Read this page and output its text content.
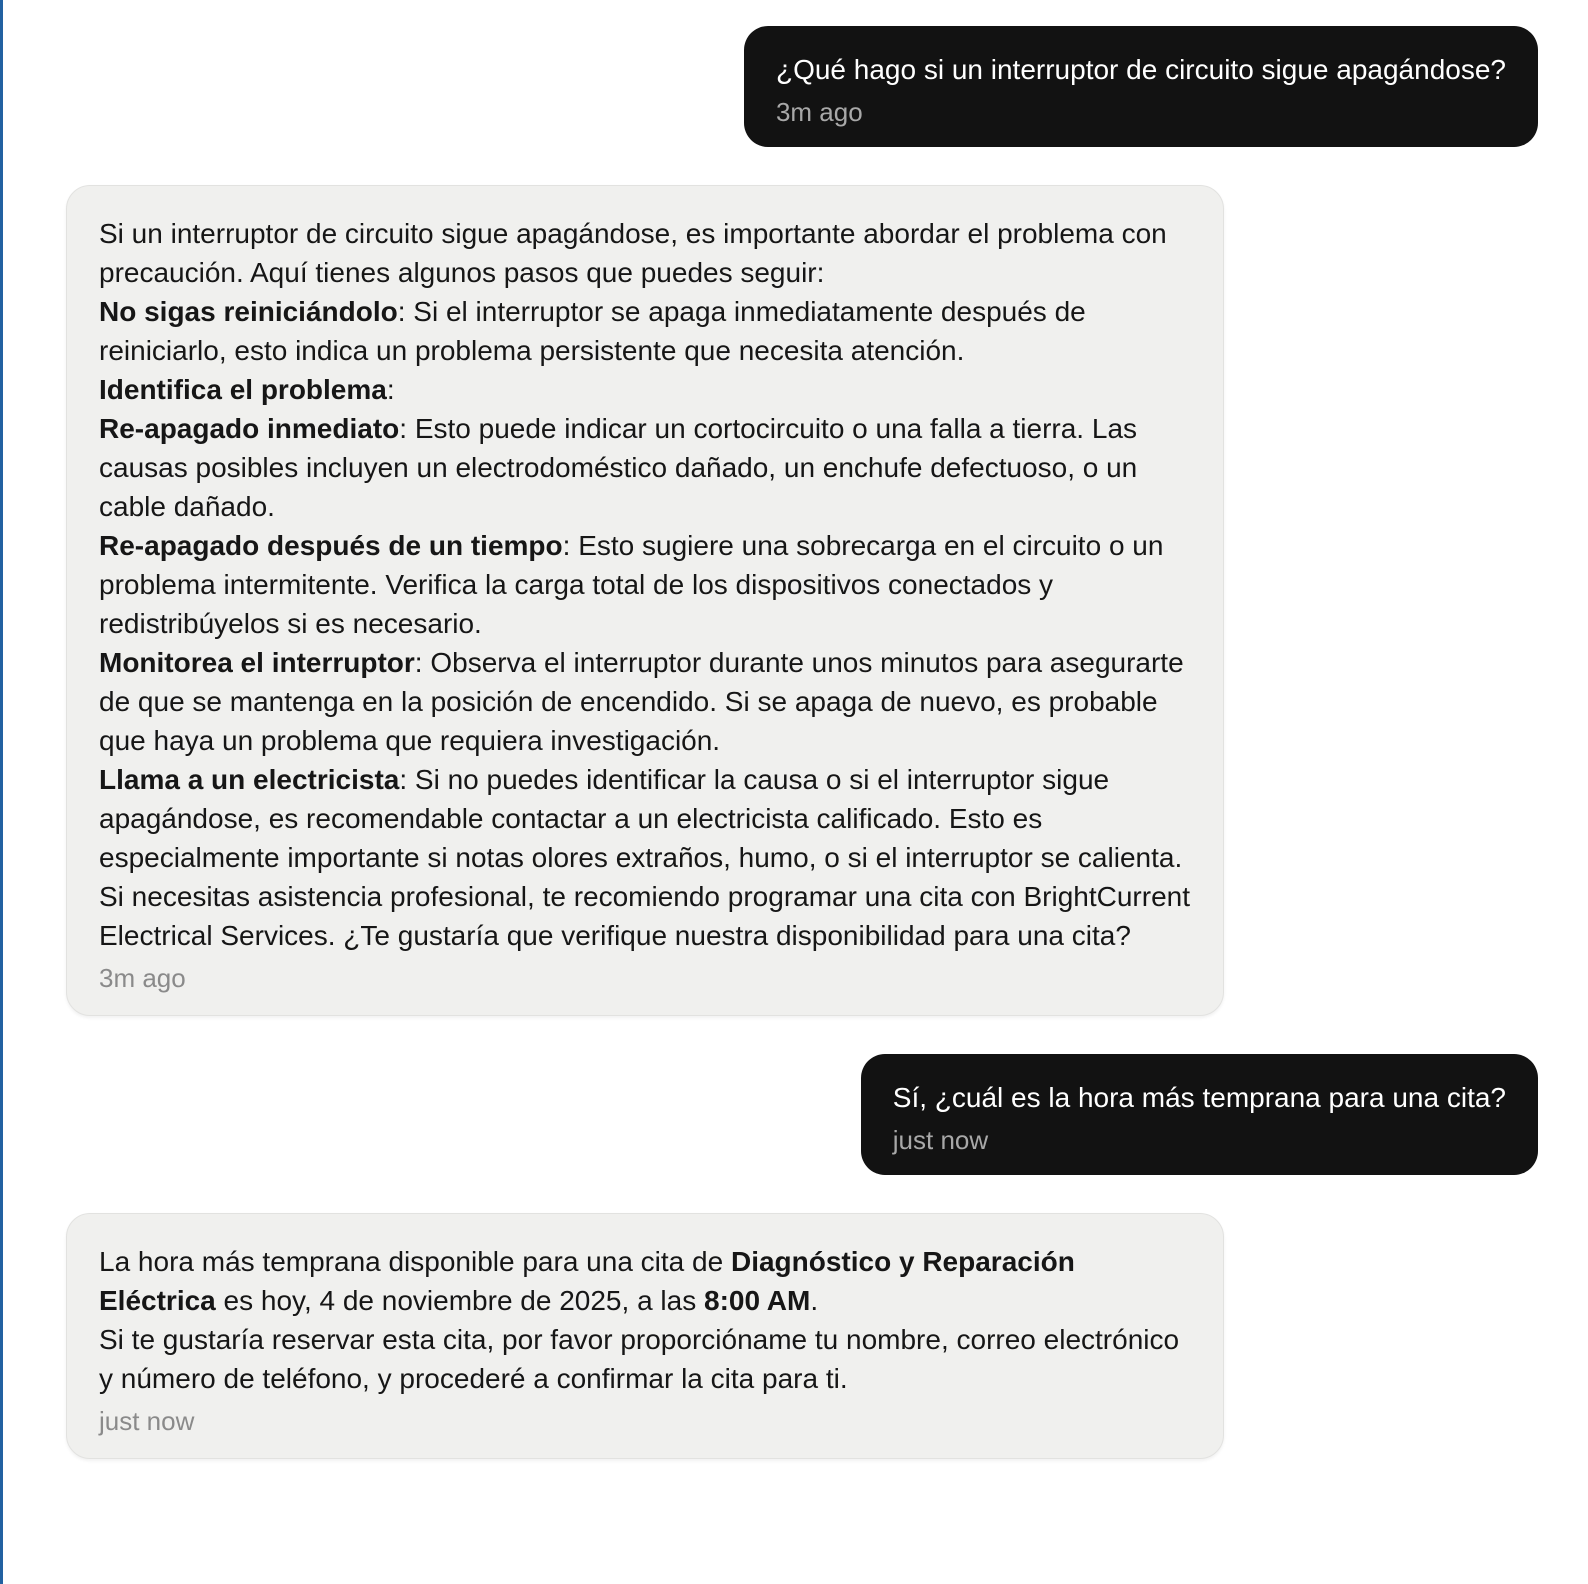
¿Qué hago si un interruptor de circuito sigue apagándose?
3m ago
Si un interruptor de circuito sigue apagándose, es importante abordar el problema con precaución. Aquí tienes algunos pasos que puedes seguir:
No sigas reiniciándolo: Si el interruptor se apaga inmediatamente después de reiniciarlo, esto indica un problema persistente que necesita atención.
Identifica el problema:
Re-apagado inmediato: Esto puede indicar un cortocircuito o una falla a tierra. Las causas posibles incluyen un electrodoméstico dañado, un enchufe defectuoso, o un cable dañado.
Re-apagado después de un tiempo: Esto sugiere una sobrecarga en el circuito o un problema intermitente. Verifica la carga total de los dispositivos conectados y redistribúyelos si es necesario.
Monitorea el interruptor: Observa el interruptor durante unos minutos para asegurarte de que se mantenga en la posición de encendido. Si se apaga de nuevo, es probable que haya un problema que requiera investigación.
Llama a un electricista: Si no puedes identificar la causa o si el interruptor sigue apagándose, es recomendable contactar a un electricista calificado. Esto es especialmente importante si notas olores extraños, humo, o si el interruptor se calienta.
Si necesitas asistencia profesional, te recomiendo programar una cita con BrightCurrent Electrical Services. ¿Te gustaría que verifique nuestra disponibilidad para una cita?
3m ago
Sí, ¿cuál es la hora más temprana para una cita?
just now
La hora más temprana disponible para una cita de Diagnóstico y Reparación Eléctrica es hoy, 4 de noviembre de 2025, a las 8:00 AM.
Si te gustaría reservar esta cita, por favor proporcióname tu nombre, correo electrónico y número de teléfono, y procederé a confirmar la cita para ti.
just now
